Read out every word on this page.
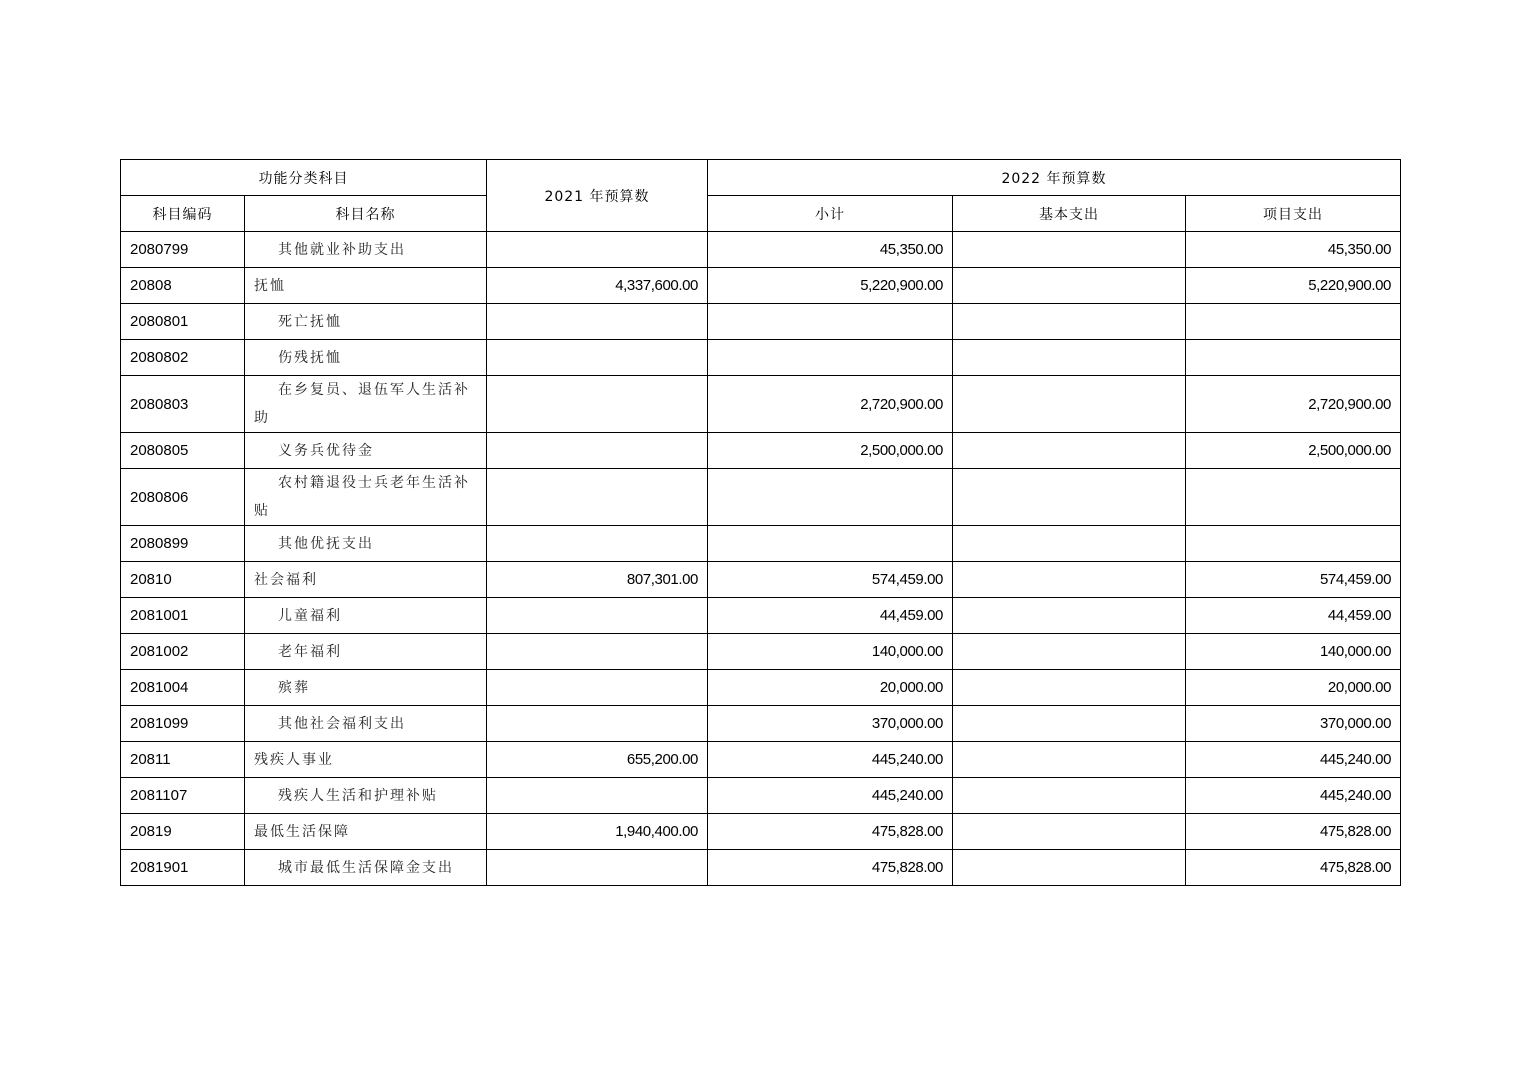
功能分类科目		2021 年预算数	2022 年预算数		
科目编码	科目名称		小计	基本支出	项目支出
2080799	其他就业补助支出		45,350.00		45,350.00
20808	抚恤	4,337,600.00	5,220,900.00		5,220,900.00
2080801	死亡抚恤				
2080802	伤残抚恤				
2080803	在乡复员、退伍军人生活补助		2,720,900.00		2,720,900.00
2080805	义务兵优待金		2,500,000.00		2,500,000.00
2080806	农村籍退役士兵老年生活补贴				
2080899	其他优抚支出				
20810	社会福利	807,301.00	574,459.00		574,459.00
2081001	儿童福利		44,459.00		44,459.00
2081002	老年福利		140,000.00		140,000.00
2081004	殡葬		20,000.00		20,000.00
2081099	其他社会福利支出		370,000.00		370,000.00
20811	残疾人事业	655,200.00	445,240.00		445,240.00
2081107	残疾人生活和护理补贴		445,240.00		445,240.00
20819	最低生活保障	1,940,400.00	475,828.00		475,828.00
2081901	城市最低生活保障金支出		475,828.00		475,828.00
